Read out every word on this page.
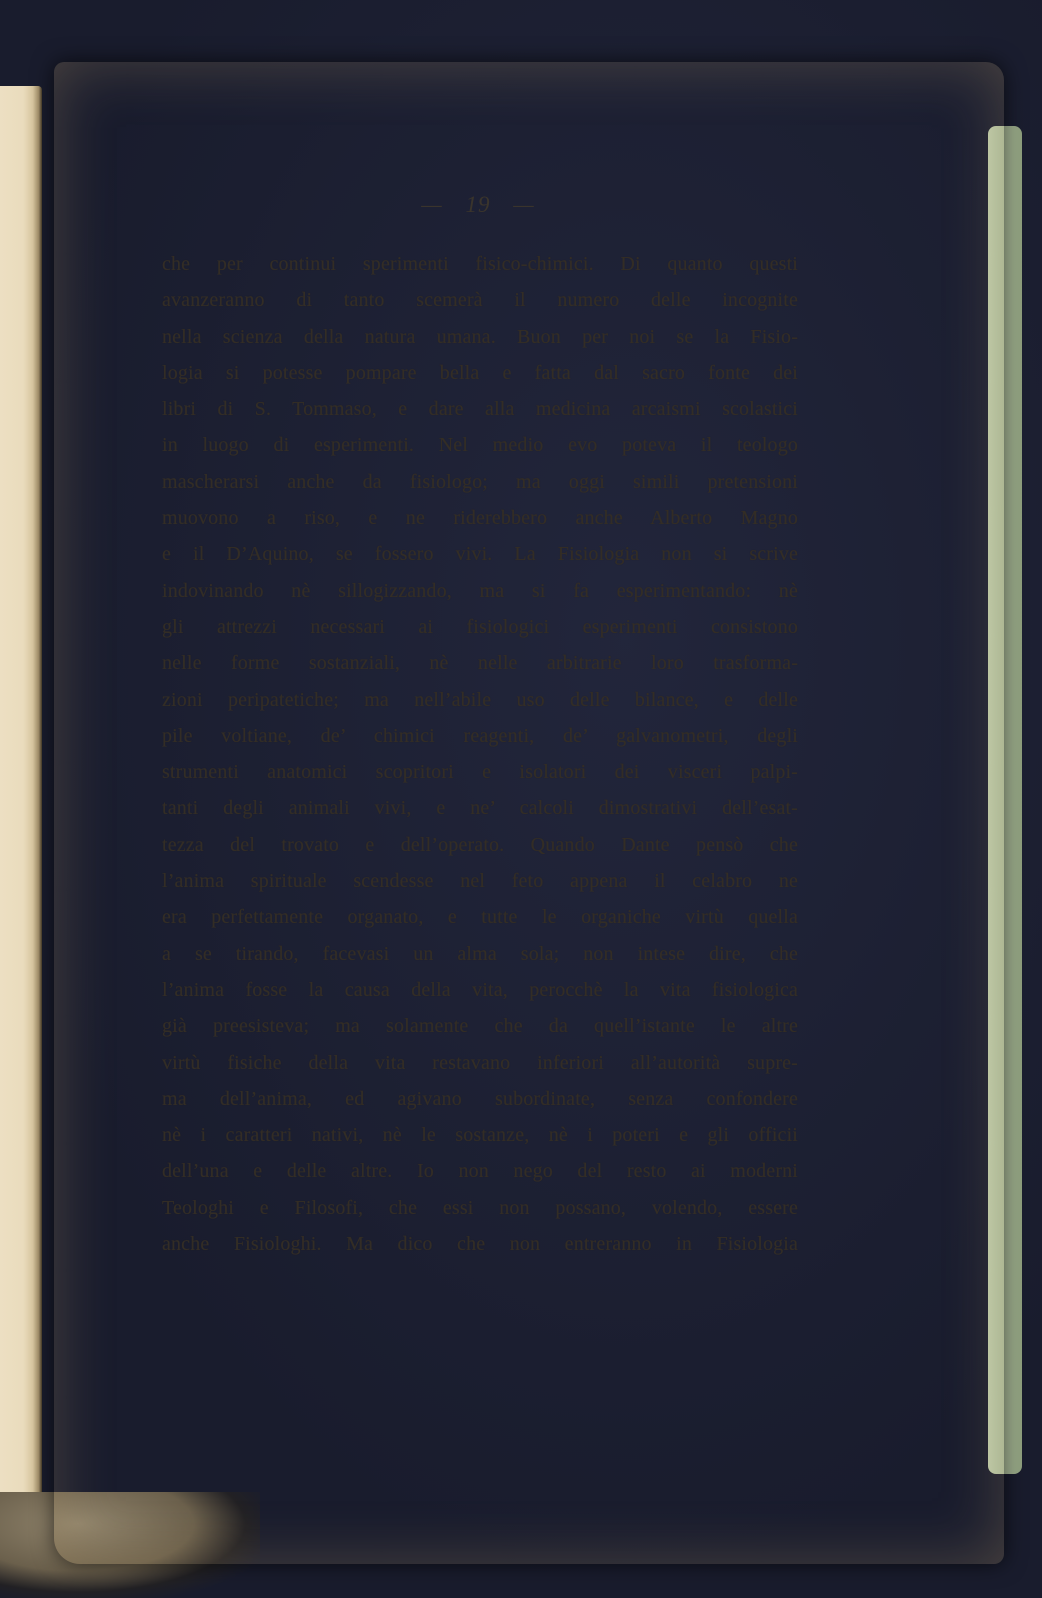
— 19 —
che per continui sperimenti fisico-chimici. Di quanto questi
avanzeranno di tanto scemerà il numero delle incognite
nella scienza della natura umana. Buon per noi se la Fisio-
logia si potesse pompare bella e fatta dal sacro fonte dei
libri di S. Tommaso, e dare alla medicina arcaismi scolastici
in luogo di esperimenti. Nel medio evo poteva il teologo
mascherarsi anche da fisiologo; ma oggi simili pretensioni
muovono a riso, e ne riderebbero anche Alberto Magno
e il D’Aquino, se fossero vivi. La Fisiologia non si scrive
indovinando nè sillogizzando, ma si fa esperimentando: nè
gli attrezzi necessari ai fisiologici esperimenti consistono
nelle forme sostanziali, nè nelle arbitrarie loro trasforma-
zioni peripatetiche; ma nell’abile uso delle bilance, e delle
pile voltiane, de’ chimici reagenti, de’ galvanometri, degli
strumenti anatomici scopritori e isolatori dei visceri palpi-
tanti degli animali vivi, e ne’ calcoli dimostrativi dell’esat-
tezza del trovato e dell’operato. Quando Dante pensò che
l’anima spirituale scendesse nel feto appena il celabro ne
era perfettamente organato, e tutte le organiche virtù quella
a se tirando, facevasi un alma sola; non intese dire, che
l’anima fosse la causa della vita, perocchè la vita fisiologica
già preesisteva; ma solamente che da quell’istante le altre
virtù fisiche della vita restavano inferiori all’autorità supre-
ma dell’anima, ed agivano subordinate, senza confondere
nè i caratteri nativi, nè le sostanze, nè i poteri e gli officii
dell’una e delle altre. Io non nego del resto ai moderni
Teologhi e Filosofi, che essi non possano, volendo, essere
anche Fisiologhi. Ma dico che non entreranno in Fisiologia
